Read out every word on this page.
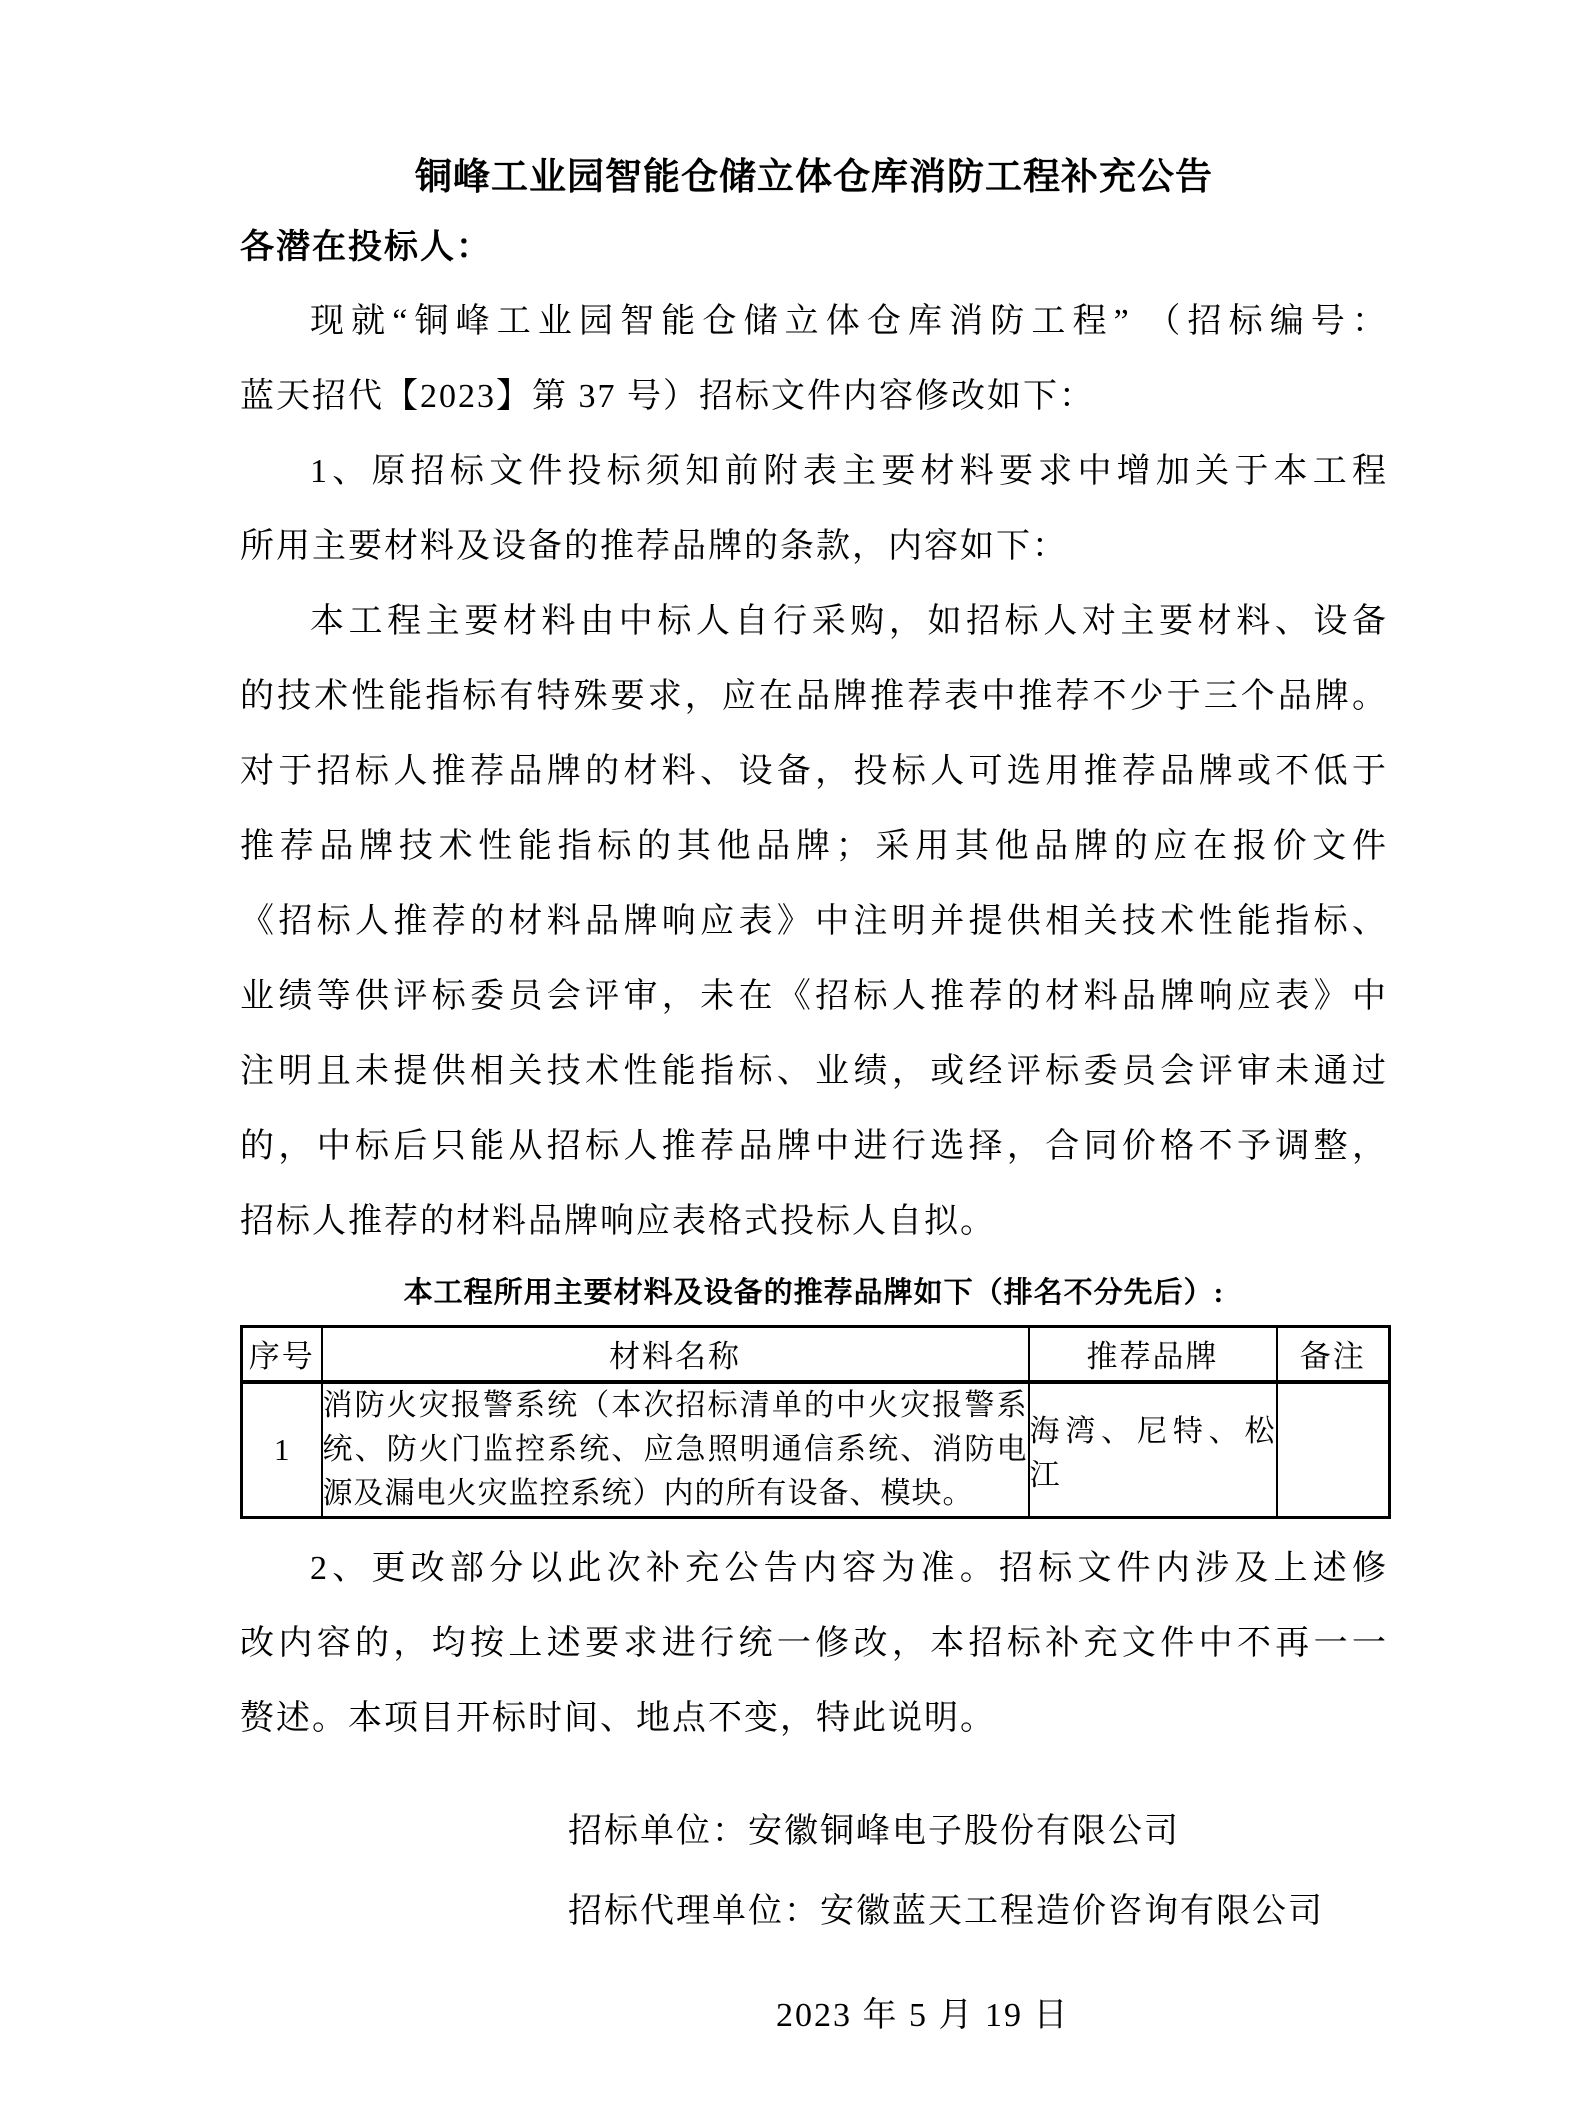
铜峰工业园智能仓储立体仓库消防工程补充公告
各潜在投标人：
现就“铜峰工业园智能仓储立体仓库消防工程” （招标编号：
蓝天招代【2023】第 37 号）招标文件内容修改如下：
1、原招标文件投标须知前附表主要材料要求中增加关于本工程
所用主要材料及设备的推荐品牌的条款，内容如下：
本工程主要材料由中标人自行采购，如招标人对主要材料、设备
的技术性能指标有特殊要求，应在品牌推荐表中推荐不少于三个品牌。
对于招标人推荐品牌的材料、设备，投标人可选用推荐品牌或不低于
推荐品牌技术性能指标的其他品牌；采用其他品牌的应在报价文件
《招标人推荐的材料品牌响应表》中注明并提供相关技术性能指标、
业绩等供评标委员会评审，未在《招标人推荐的材料品牌响应表》中
注明且未提供相关技术性能指标、业绩，或经评标委员会评审未通过
的，中标后只能从招标人推荐品牌中进行选择，合同价格不予调整，
招标人推荐的材料品牌响应表格式投标人自拟。
本工程所用主要材料及设备的推荐品牌如下（排名不分先后）:
序号	材料名称	推荐品牌	备注
1	消防火灾报警系统（本次招标清单的中火灾报警系统、防火门监控系统、应急照明通信系统、消防电源及漏电火灾监控系统）内的所有设备、模块。	海湾、尼特、松江	
2、更改部分以此次补充公告内容为准。招标文件内涉及上述修
改内容的，均按上述要求进行统一修改，本招标补充文件中不再一一
赘述。本项目开标时间、地点不变，特此说明。
招标单位：安徽铜峰电子股份有限公司
招标代理单位：安徽蓝天工程造价咨询有限公司
2023 年 5 月 19 日
